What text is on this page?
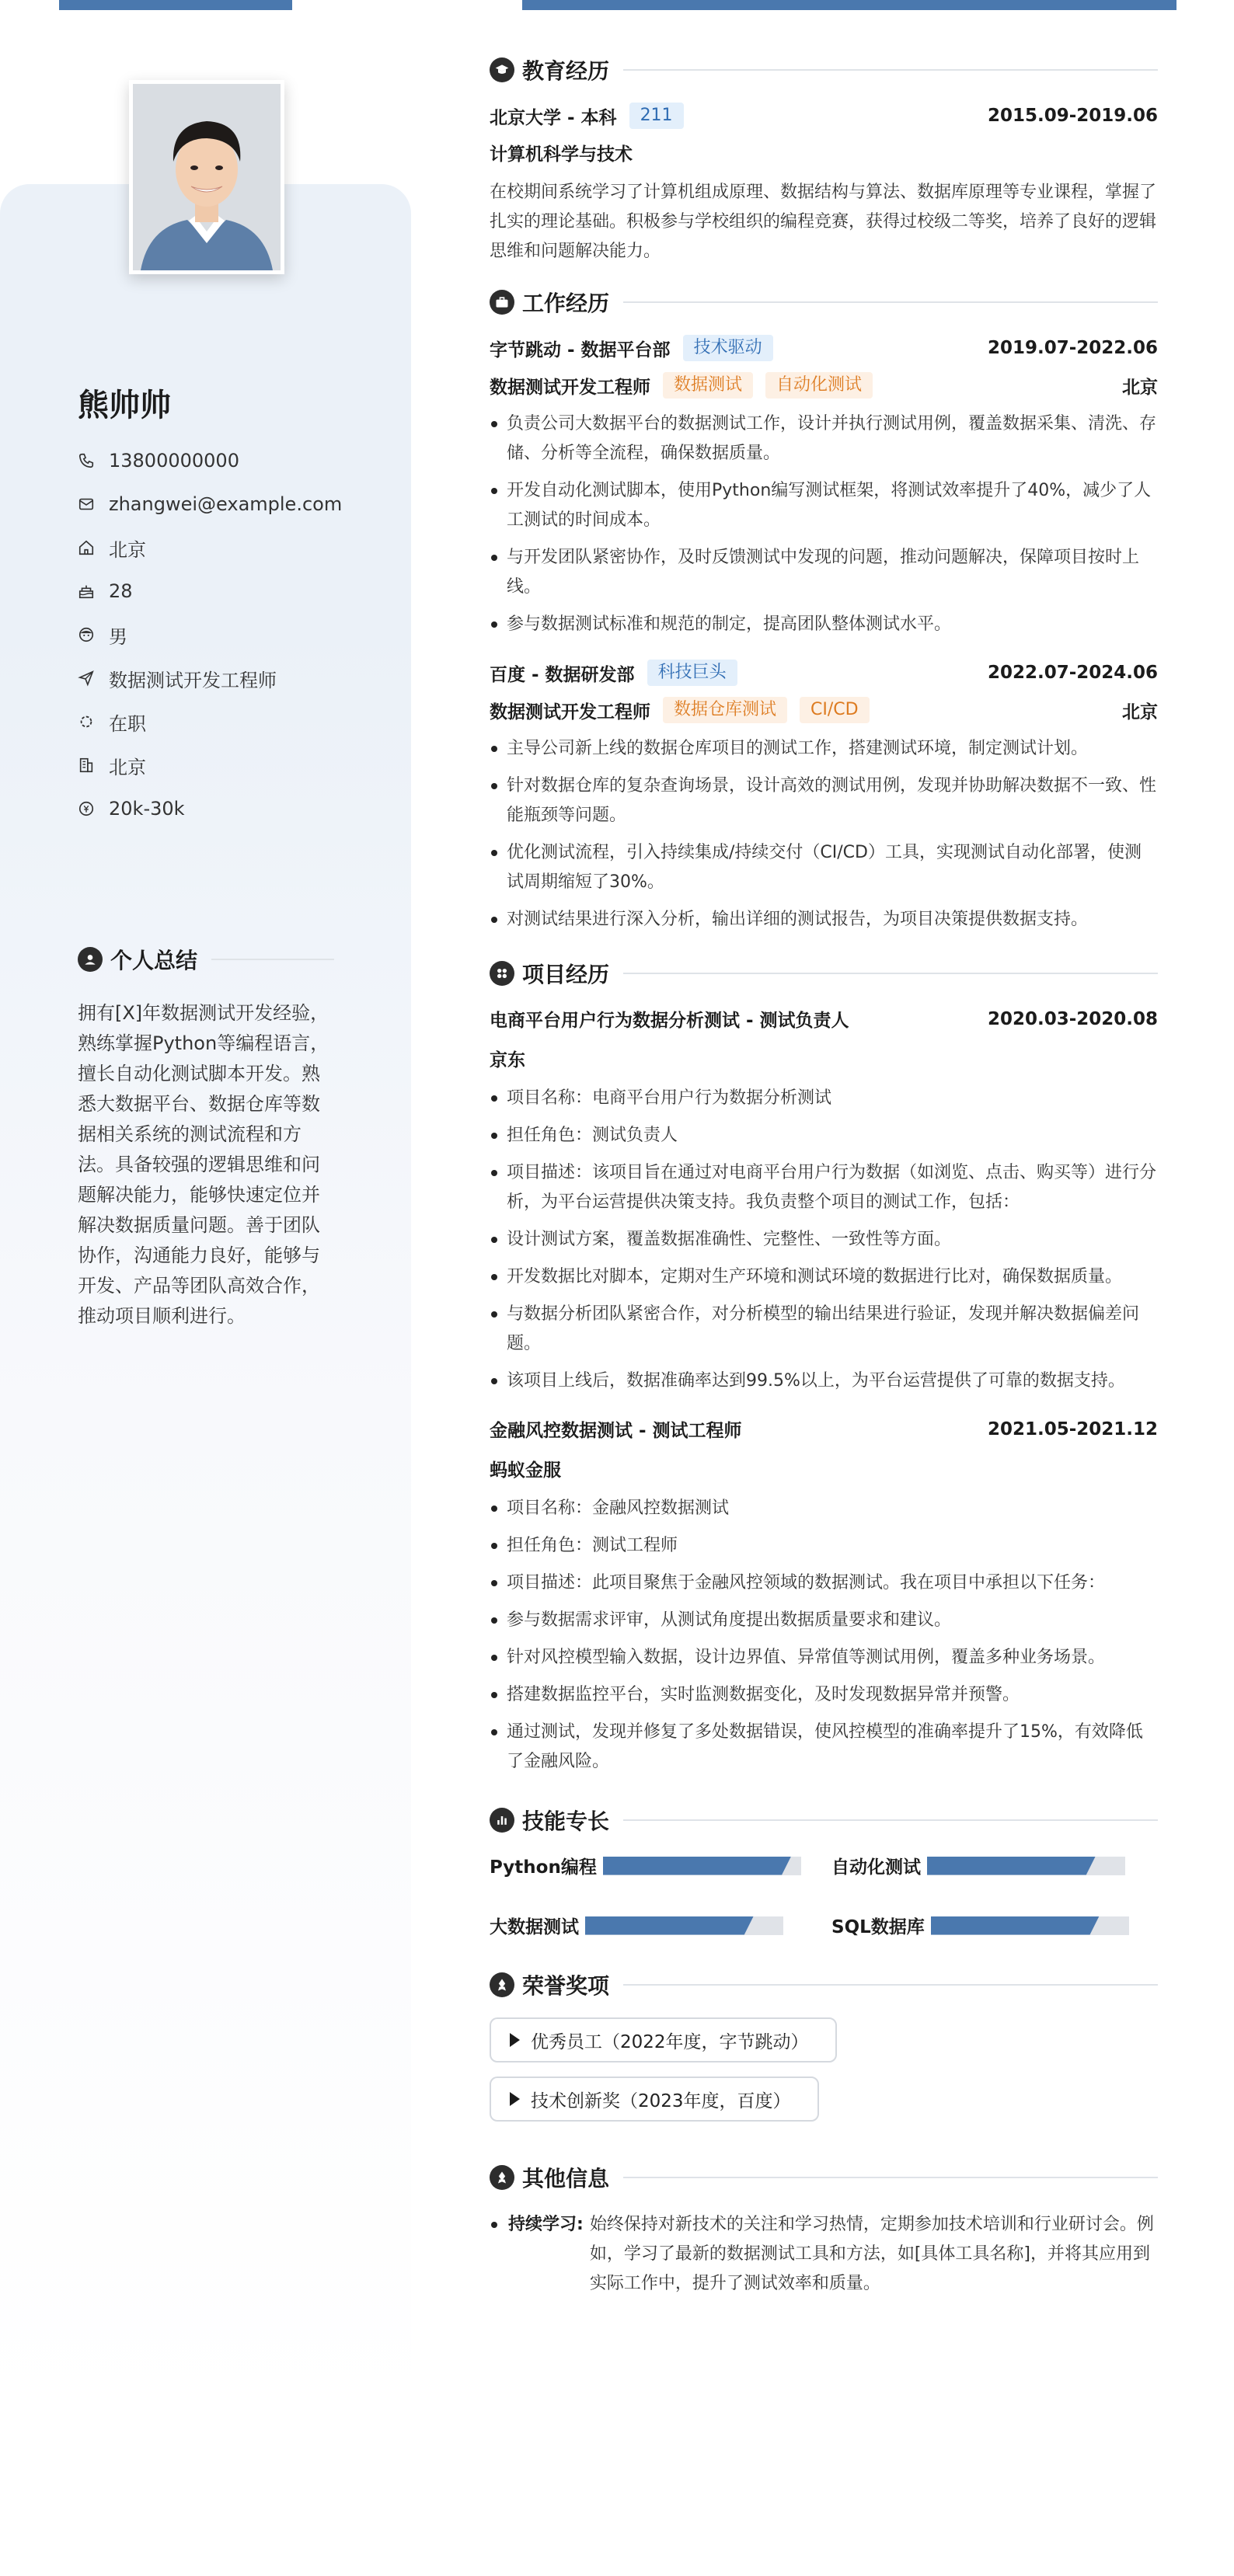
熊帅帅
13800000000
zhangwei@example.com
北京
28
男
数据测试开发工程师
在职
北京
20k-30k
个人总结
拥有[X]年数据测试开发经验，熟练掌握Python等编程语言，擅长自动化测试脚本开发。熟悉大数据平台、数据仓库等数据相关系统的测试流程和方法。具备较强的逻辑思维和问题解决能力，能够快速定位并解决数据质量问题。善于团队协作，沟通能力良好，能够与开发、产品等团队高效合作，推动项目顺利进行。
教育经历
北京大学 - 本科	211	2015.09-2019.06
计算机科学与技术
在校期间系统学习了计算机组成原理、数据结构与算法、数据库原理等专业课程，掌握了扎实的理论基础。积极参与学校组织的编程竞赛，获得过校级二等奖，培养了良好的逻辑思维和问题解决能力。
工作经历
字节跳动 - 数据平台部	技术驱动	2019.07-2022.06
数据测试开发工程师	数据测试	自动化测试	北京
负责公司大数据平台的数据测试工作，设计并执行测试用例，覆盖数据采集、清洗、存储、分析等全流程，确保数据质量。
开发自动化测试脚本，使用Python编写测试框架，将测试效率提升了40%，减少了人工测试的时间成本。
与开发团队紧密协作，及时反馈测试中发现的问题，推动问题解决，保障项目按时上线。
参与数据测试标准和规范的制定，提高团队整体测试水平。
百度 - 数据研发部	科技巨头	2022.07-2024.06
数据测试开发工程师	数据仓库测试	CI/CD	北京
主导公司新上线的数据仓库项目的测试工作，搭建测试环境，制定测试计划。
针对数据仓库的复杂查询场景，设计高效的测试用例，发现并协助解决数据不一致、性能瓶颈等问题。
优化测试流程，引入持续集成/持续交付（CI/CD）工具，实现测试自动化部署，使测试周期缩短了30%。
对测试结果进行深入分析，输出详细的测试报告，为项目决策提供数据支持。
项目经历
电商平台用户行为数据分析测试 - 测试负责人	2020.03-2020.08
京东
项目名称：电商平台用户行为数据分析测试
担任角色：测试负责人
项目描述：该项目旨在通过对电商平台用户行为数据（如浏览、点击、购买等）进行分析，为平台运营提供决策支持。我负责整个项目的测试工作，包括：
设计测试方案，覆盖数据准确性、完整性、一致性等方面。
开发数据比对脚本，定期对生产环境和测试环境的数据进行比对，确保数据质量。
与数据分析团队紧密合作，对分析模型的输出结果进行验证，发现并解决数据偏差问题。
该项目上线后，数据准确率达到99.5%以上，为平台运营提供了可靠的数据支持。
金融风控数据测试 - 测试工程师	2021.05-2021.12
蚂蚁金服
项目名称：金融风控数据测试
担任角色：测试工程师
项目描述：此项目聚焦于金融风控领域的数据测试。我在项目中承担以下任务：
参与数据需求评审，从测试角度提出数据质量要求和建议。
针对风控模型输入数据，设计边界值、异常值等测试用例，覆盖多种业务场景。
搭建数据监控平台，实时监测数据变化，及时发现数据异常并预警。
通过测试，发现并修复了多处数据错误，使风控模型的准确率提升了15%，有效降低了金融风险。
技能专长
Python编程	自动化测试
大数据测试	SQL数据库
荣誉奖项
优秀员工（2022年度，字节跳动）

技术创新奖（2023年度，百度）
其他信息
持续学习: 始终保持对新技术的关注和学习热情，定期参加技术培训和行业研讨会。例如，学习了最新的数据测试工具和方法，如[具体工具名称]，并将其应用到实际工作中，提升了测试效率和质量。
